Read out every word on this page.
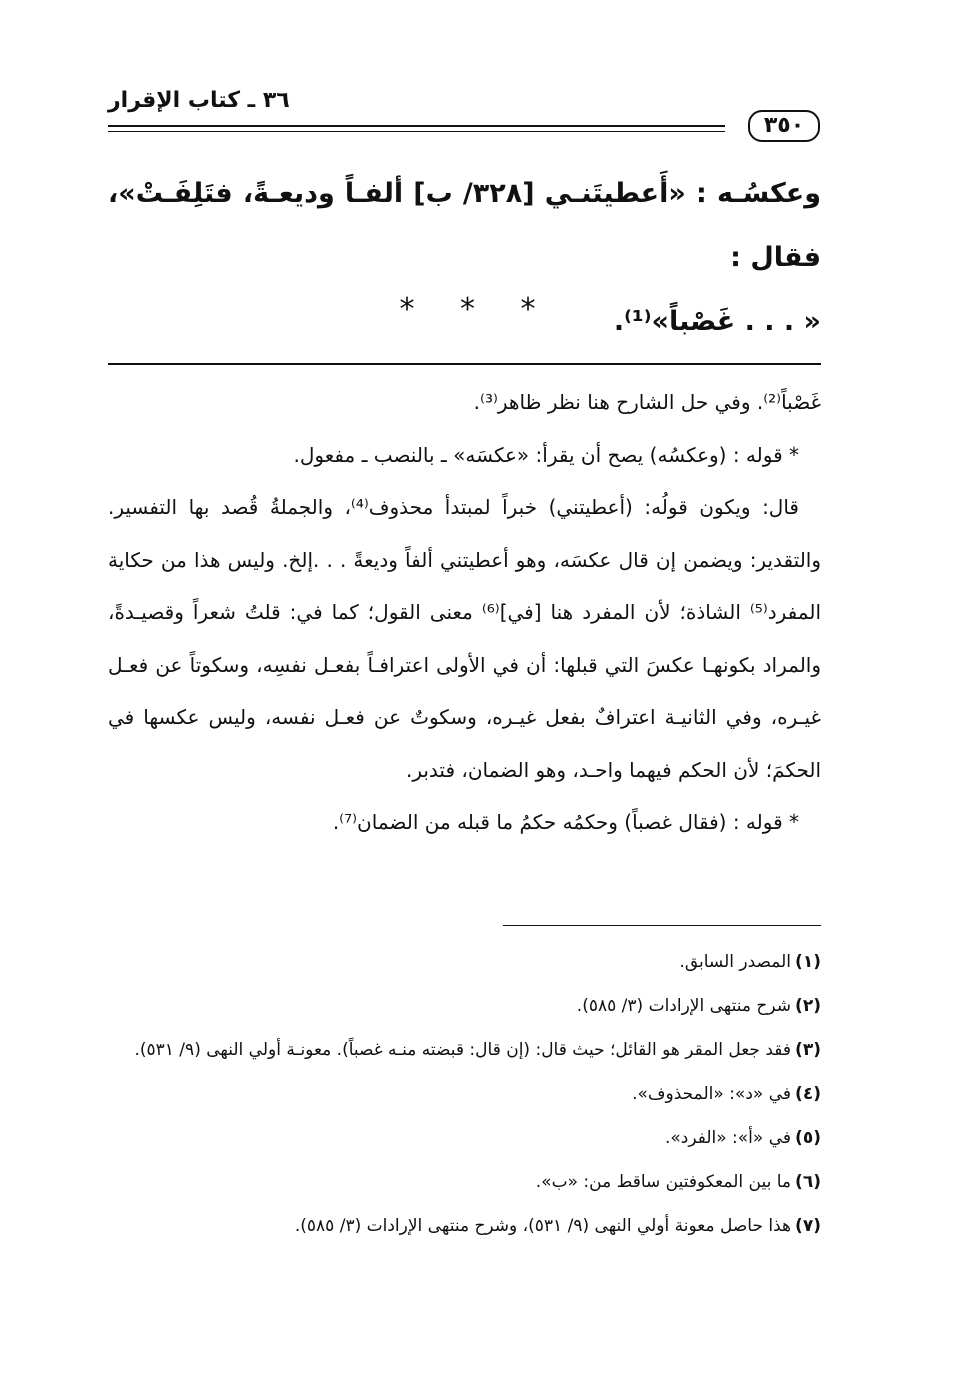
٣٦ ـ كتاب الإقرار
٣٥٠
وعكسُـه : «أَعطيتَنـي [٣٢٨/ ب] ألفـاً وديعـةً، فتَلِفَـتْ»، فقال :
« . . . غَصْباً»⁽¹⁾.
* * *

غَصْباً⁽²⁾. وفي حل الشارح هنا نظر ظاهر⁽³⁾.

* قوله : (وعكسُه) يصح أن يقرأ: «عكسَه» ـ بالنصب ـ مفعول.

قال: ويكون قولُه: (أعطيتني) خبراً لمبتدأ محذوف⁽⁴⁾، والجملةُ قُصد بها التفسير. والتقدير: ويضمن إن قال عكسَه، وهو أعطيتني ألفاً وديعةً . . .إلخ. وليس هذا من حكاية المفرد⁽⁵⁾ الشاذة؛ لأن المفرد هنا [في]⁽⁶⁾ معنى القول؛ كما في: قلتُ شعراً وقصيـدةً، والمراد بكونهـا عكسَ التي قبلها: أن في الأولى اعترافـاً بفعـل نفسِه، وسكوتاً عن فعـل غيـره، وفي الثانيـة اعترافٌ بفعل غيـره، وسكوتٌ عن فعـل نفسه، وليس عكسها في الحكمَ؛ لأن الحكم فيهما واحـد، وهو الضمان، فتدبر.

* قوله : (فقال غصباً) وحكمُه حكمُ ما قبله من الضمان⁽⁷⁾.

(١)
المصدر السابق.
(٢)
شرح منتهى الإرادات (٣/ ٥٨٥).
(٣)
فقد جعل المقر هو القائل؛ حيث قال: (إن قال: قبضته منـه غصباً). معونـة أولي النهى (٩/ ٥٣١).
(٤)
في «د»: «المحذوف».
(٥)
في «أ»: «الفرد».
(٦)
ما بين المعكوفتين ساقط من: «ب».
(٧)
هذا حاصل معونة أولي النهى (٩/ ٥٣١)، وشرح منتهى الإرادات (٣/ ٥٨٥).
